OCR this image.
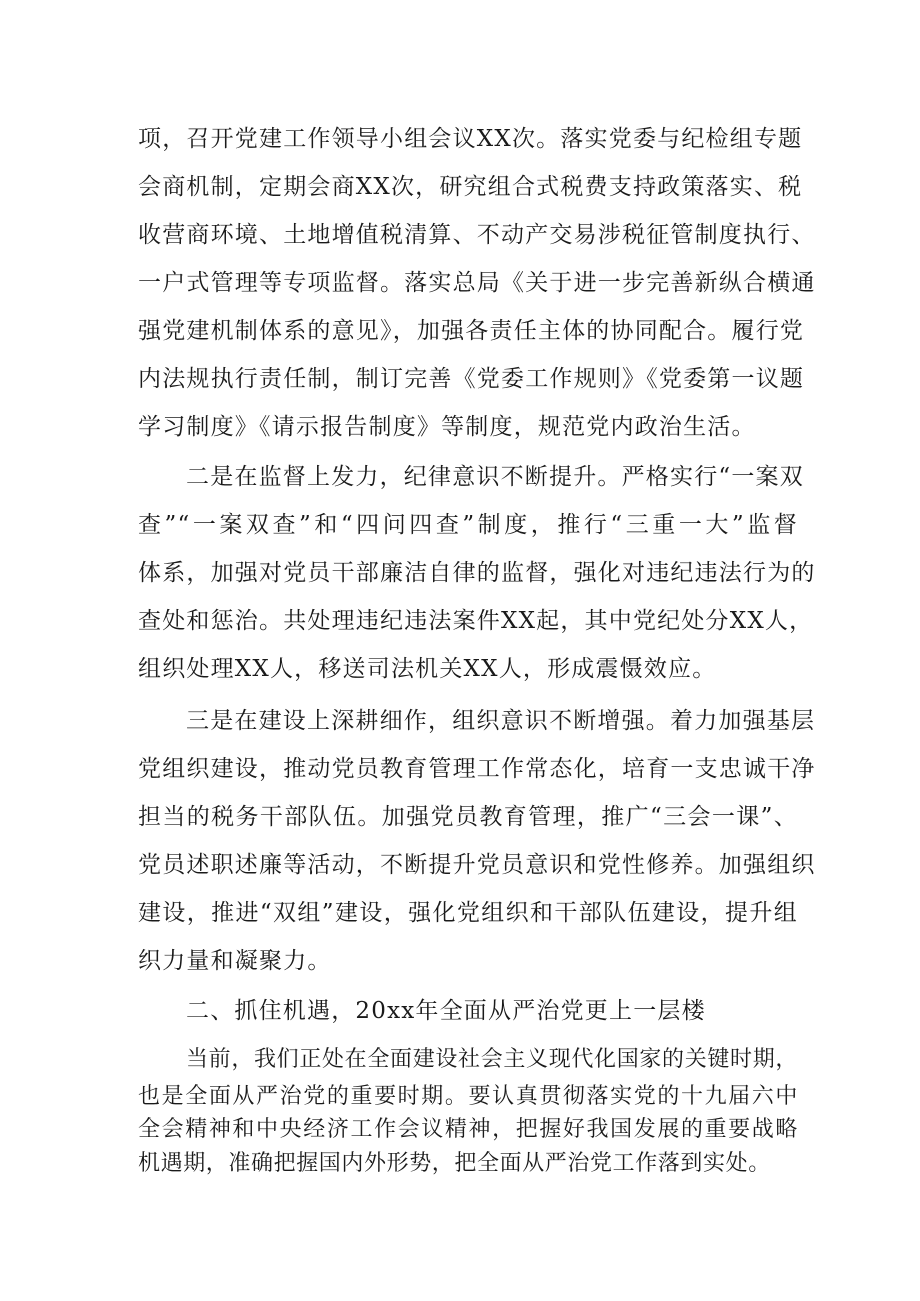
项，召开党建工作领导小组会议XX次。落实党委与纪检组专题
会商机制，定期会商XX次，研究组合式税费支持政策落实、税
收营商环境、土地增值税清算、不动产交易涉税征管制度执行、
一户式管理等专项监督。落实总局《关于进一步完善新纵合横通
强党建机制体系的意见》，加强各责任主体的协同配合。履行党
内法规执行责任制，制订完善《党委工作规则》《党委第一议题
学习制度》《请示报告制度》等制度，规范党内政治生活。
二是在监督上发力，纪律意识不断提升。严格实行“一案双
查”“一案双查”和“四问四查”制度，推行“三重一大”监督
体系，加强对党员干部廉洁自律的监督，强化对违纪违法行为的
查处和惩治。共处理违纪违法案件XX起，其中党纪处分XX人，
组织处理XX人，移送司法机关XX人，形成震慑效应。
三是在建设上深耕细作，组织意识不断增强。着力加强基层
党组织建设，推动党员教育管理工作常态化，培育一支忠诚干净
担当的税务干部队伍。加强党员教育管理，推广“三会一课”、
党员述职述廉等活动，不断提升党员意识和党性修养。加强组织
建设，推进“双组”建设，强化党组织和干部队伍建设，提升组
织力量和凝聚力。
二、抓住机遇，20xx年全面从严治党更上一层楼
当前，我们正处在全面建设社会主义现代化国家的关键时期，
也是全面从严治党的重要时期。要认真贯彻落实党的十九届六中
全会精神和中央经济工作会议精神，把握好我国发展的重要战略
机遇期，准确把握国内外形势，把全面从严治党工作落到实处。
